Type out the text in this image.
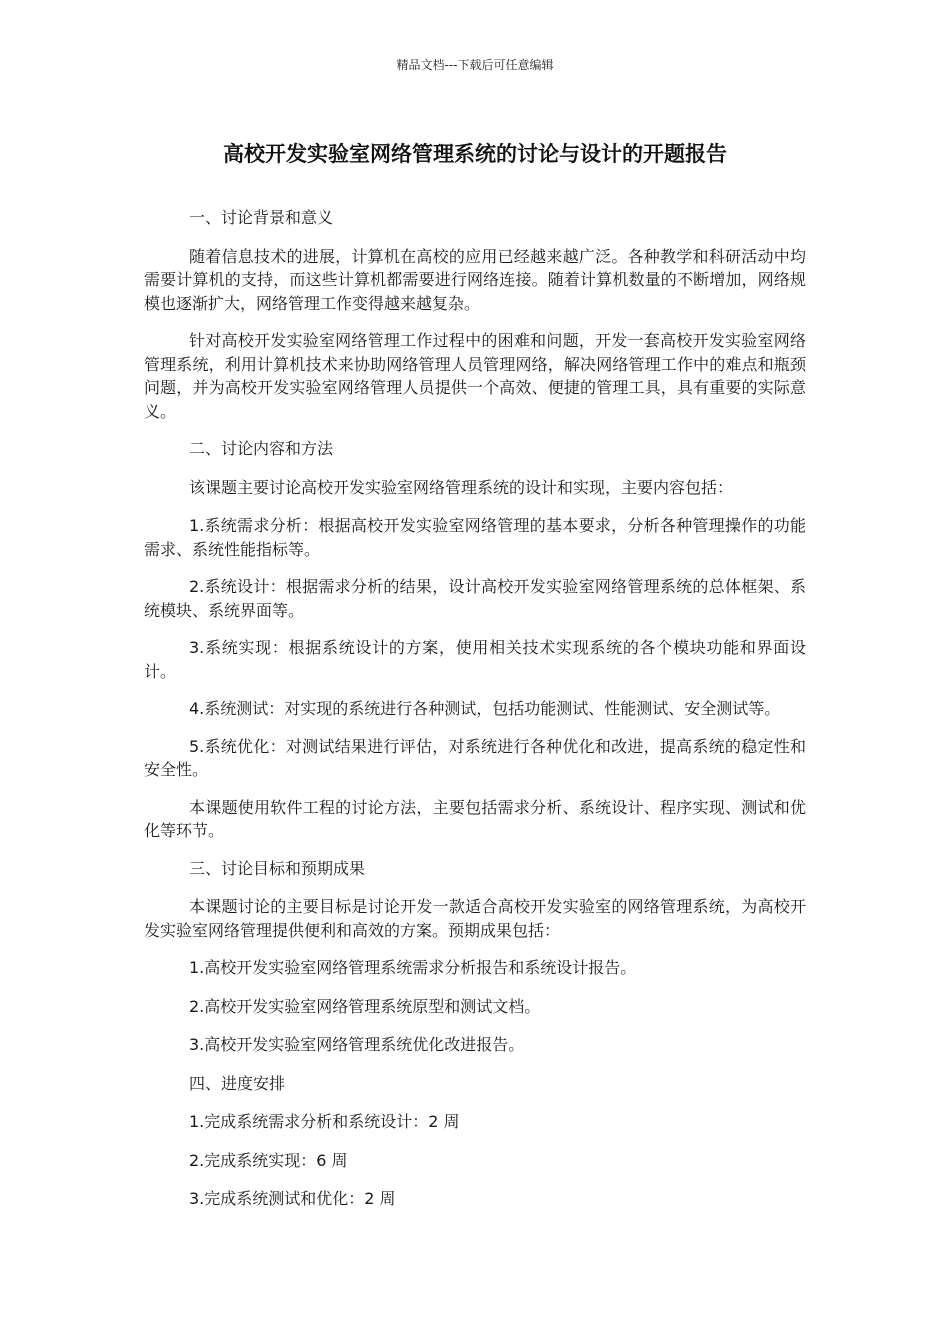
精品文档---下载后可任意编辑
高校开发实验室网络管理系统的讨论与设计的开题报告

一、讨论背景和意义

随着信息技术的进展，计算机在高校的应用已经越来越广泛。各种教学和科研活动中均需要计算机的支持，而这些计算机都需要进行网络连接。随着计算机数量的不断增加，网络规模也逐渐扩大，网络管理工作变得越来越复杂。

针对高校开发实验室网络管理工作过程中的困难和问题，开发一套高校开发实验室网络管理系统，利用计算机技术来协助网络管理人员管理网络，解决网络管理工作中的难点和瓶颈问题，并为高校开发实验室网络管理人员提供一个高效、便捷的管理工具，具有重要的实际意义。

二、讨论内容和方法

该课题主要讨论高校开发实验室网络管理系统的设计和实现，主要内容包括：

1.系统需求分析：根据高校开发实验室网络管理的基本要求，分析各种管理操作的功能需求、系统性能指标等。

2.系统设计：根据需求分析的结果，设计高校开发实验室网络管理系统的总体框架、系统模块、系统界面等。

3.系统实现：根据系统设计的方案，使用相关技术实现系统的各个模块功能和界面设计。

4.系统测试：对实现的系统进行各种测试，包括功能测试、性能测试、安全测试等。

5.系统优化：对测试结果进行评估，对系统进行各种优化和改进，提高系统的稳定性和安全性。

本课题使用软件工程的讨论方法，主要包括需求分析、系统设计、程序实现、测试和优化等环节。

三、讨论目标和预期成果

本课题讨论的主要目标是讨论开发一款适合高校开发实验室的网络管理系统，为高校开发实验室网络管理提供便利和高效的方案。预期成果包括：

1.高校开发实验室网络管理系统需求分析报告和系统设计报告。

2.高校开发实验室网络管理系统原型和测试文档。

3.高校开发实验室网络管理系统优化改进报告。

四、进度安排

1.完成系统需求分析和系统设计：2 周

2.完成系统实现：6 周

3.完成系统测试和优化：2 周
